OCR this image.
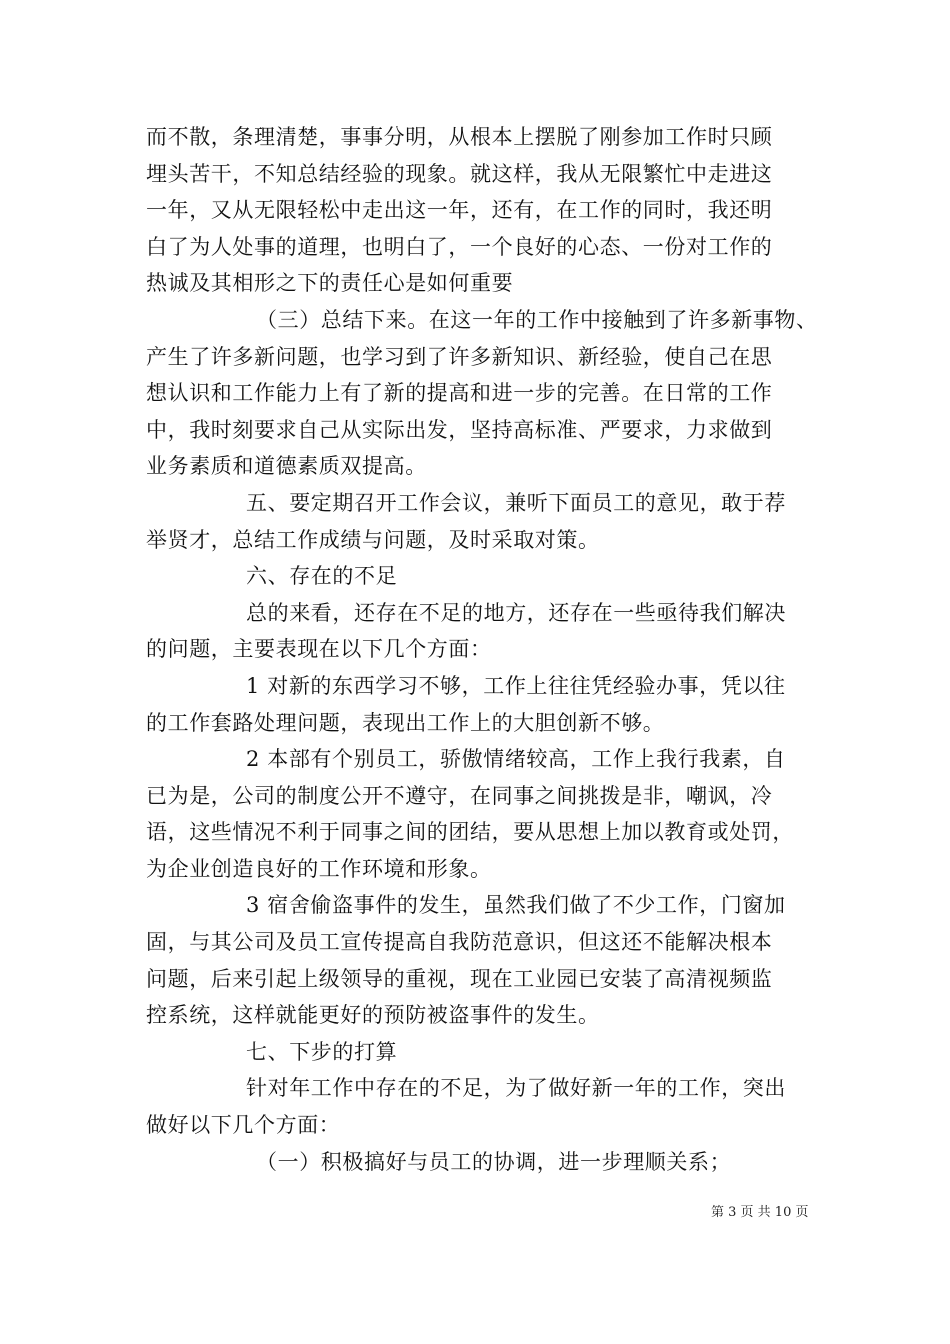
而不散，条理清楚，事事分明，从根本上摆脱了刚参加工作时只顾
埋头苦干，不知总结经验的现象。就这样，我从无限繁忙中走进这
一年，又从无限轻松中走出这一年，还有，在工作的同时，我还明
白了为人处事的道理，也明白了，一个良好的心态、一份对工作的
热诚及其相形之下的责任心是如何重要
（三）总结下来。在这一年的工作中接触到了许多新事物、
产生了许多新问题，也学习到了许多新知识、新经验，使自己在思
想认识和工作能力上有了新的提高和进一步的完善。在日常的工作
中，我时刻要求自己从实际出发，坚持高标准、严要求，力求做到
业务素质和道德素质双提高。
五、要定期召开工作会议，兼听下面员工的意见，敢于荐
举贤才，总结工作成绩与问题，及时采取对策。
六、存在的不足
总的来看，还存在不足的地方，还存在一些亟待我们解决
的问题，主要表现在以下几个方面：
1 对新的东西学习不够，工作上往往凭经验办事，凭以往
的工作套路处理问题，表现出工作上的大胆创新不够。
2 本部有个别员工，骄傲情绪较高，工作上我行我素，自
已为是，公司的制度公开不遵守，在同事之间挑拨是非，嘲讽，冷
语，这些情况不利于同事之间的团结，要从思想上加以教育或处罚，
为企业创造良好的工作环境和形象。
3 宿舍偷盗事件的发生，虽然我们做了不少工作，门窗加
固，与其公司及员工宣传提高自我防范意识，但这还不能解决根本
问题，后来引起上级领导的重视，现在工业园已安装了高清视频监
控系统，这样就能更好的预防被盗事件的发生。
七、下步的打算
针对年工作中存在的不足，为了做好新一年的工作，突出
做好以下几个方面：
（一）积极搞好与员工的协调，进一步理顺关系；
第 3 页 共 10 页
